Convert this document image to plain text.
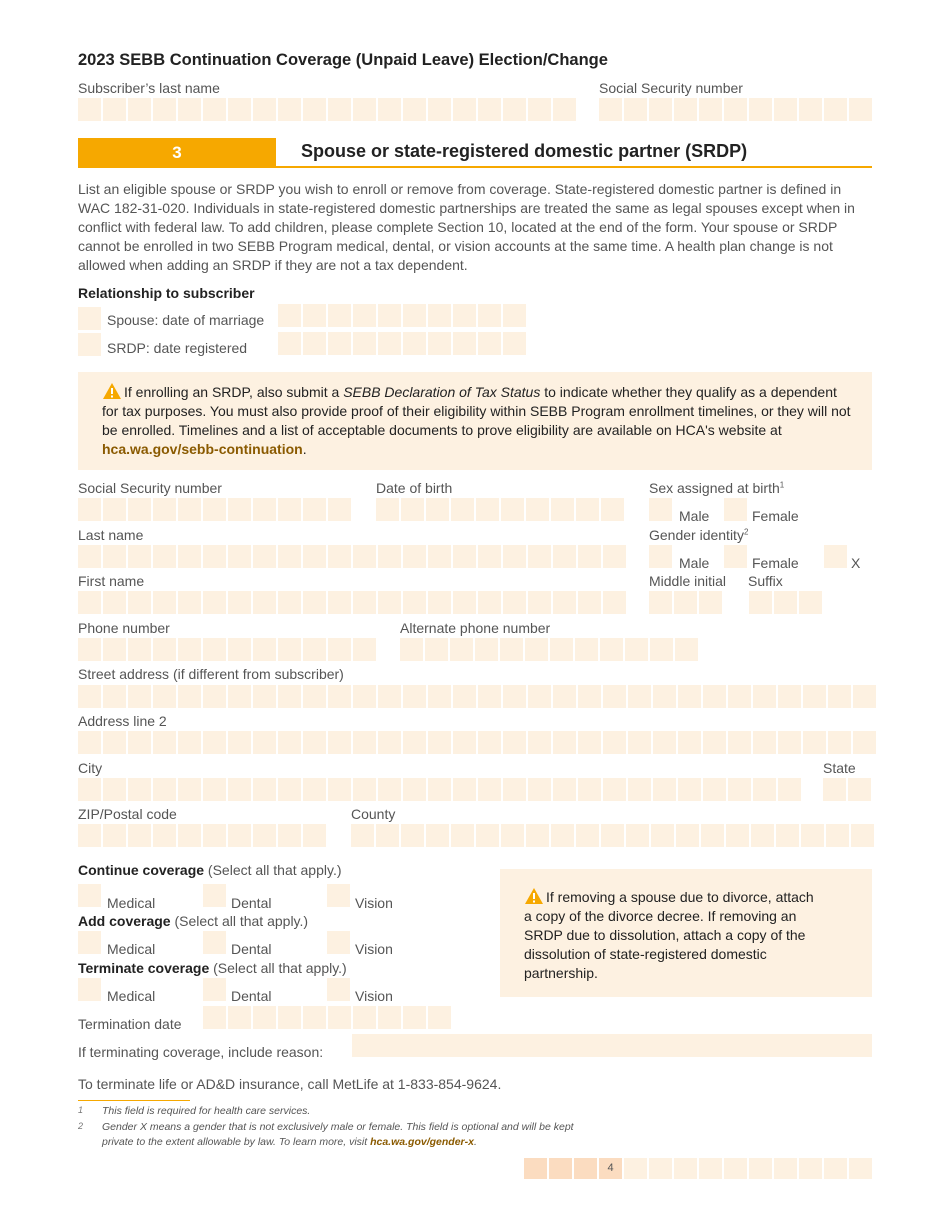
2023 SEBB Continuation Coverage (Unpaid Leave) Election/Change
Subscriber’s last name	Social Security number
3	Spouse or state-registered domestic partner (SRDP)
List an eligible spouse or SRDP you wish to enroll or remove from coverage. State-registered domestic partner is defined in WAC 182-31-020. Individuals in state-registered domestic partnerships are treated the same as legal spouses except when in conflict with federal law. To add children, please complete Section 10, located at the end of the form. Your spouse or SRDP cannot be enrolled in two SEBB Program medical, dental, or vision accounts at the same time. A health plan change is not allowed when adding an SRDP if they are not a tax dependent.
Relationship to subscriber
Spouse: date of marriage
SRDP: date registered
If enrolling an SRDP, also submit a SEBB Declaration of Tax Status to indicate whether they qualify as a dependent for tax purposes. You must also provide proof of their eligibility within SEBB Program enrollment timelines, or they will not be enrolled. Timelines and a list of acceptable documents to prove eligibility are available on HCA's website at hca.wa.gov/sebb-continuation.
Social Security number	Date of birth	Sex assigned at birth$^1$
Male	Female
Last name	Gender identity$^2$
Male	Female	X
First name	Middle initial Suffix
Phone number	Alternate phone number
Street address (if different from subscriber)
Address line 2
City	State
ZIP/Postal code	County
Continue coverage (Select all that apply.)
Medical	Dental	Vision
Add coverage (Select all that apply.)
Medical	Dental	Vision
Terminate coverage (Select all that apply.)
Medical	Dental	Vision
Termination date
If terminating coverage, include reason:
To terminate life or AD&D insurance, call MetLife at 1-833-854-9624.
If removing a spouse due to divorce, attach a copy of the divorce decree. If removing an SRDP due to dissolution, attach a copy of the dissolution of state-registered domestic partnership.
1 This field is required for health care services.
2 Gender X means a gender that is not exclusively male or female. This field is optional and will be kept private to the extent allowable by law. To learn more, visit hca.wa.gov/gender-x.
4
